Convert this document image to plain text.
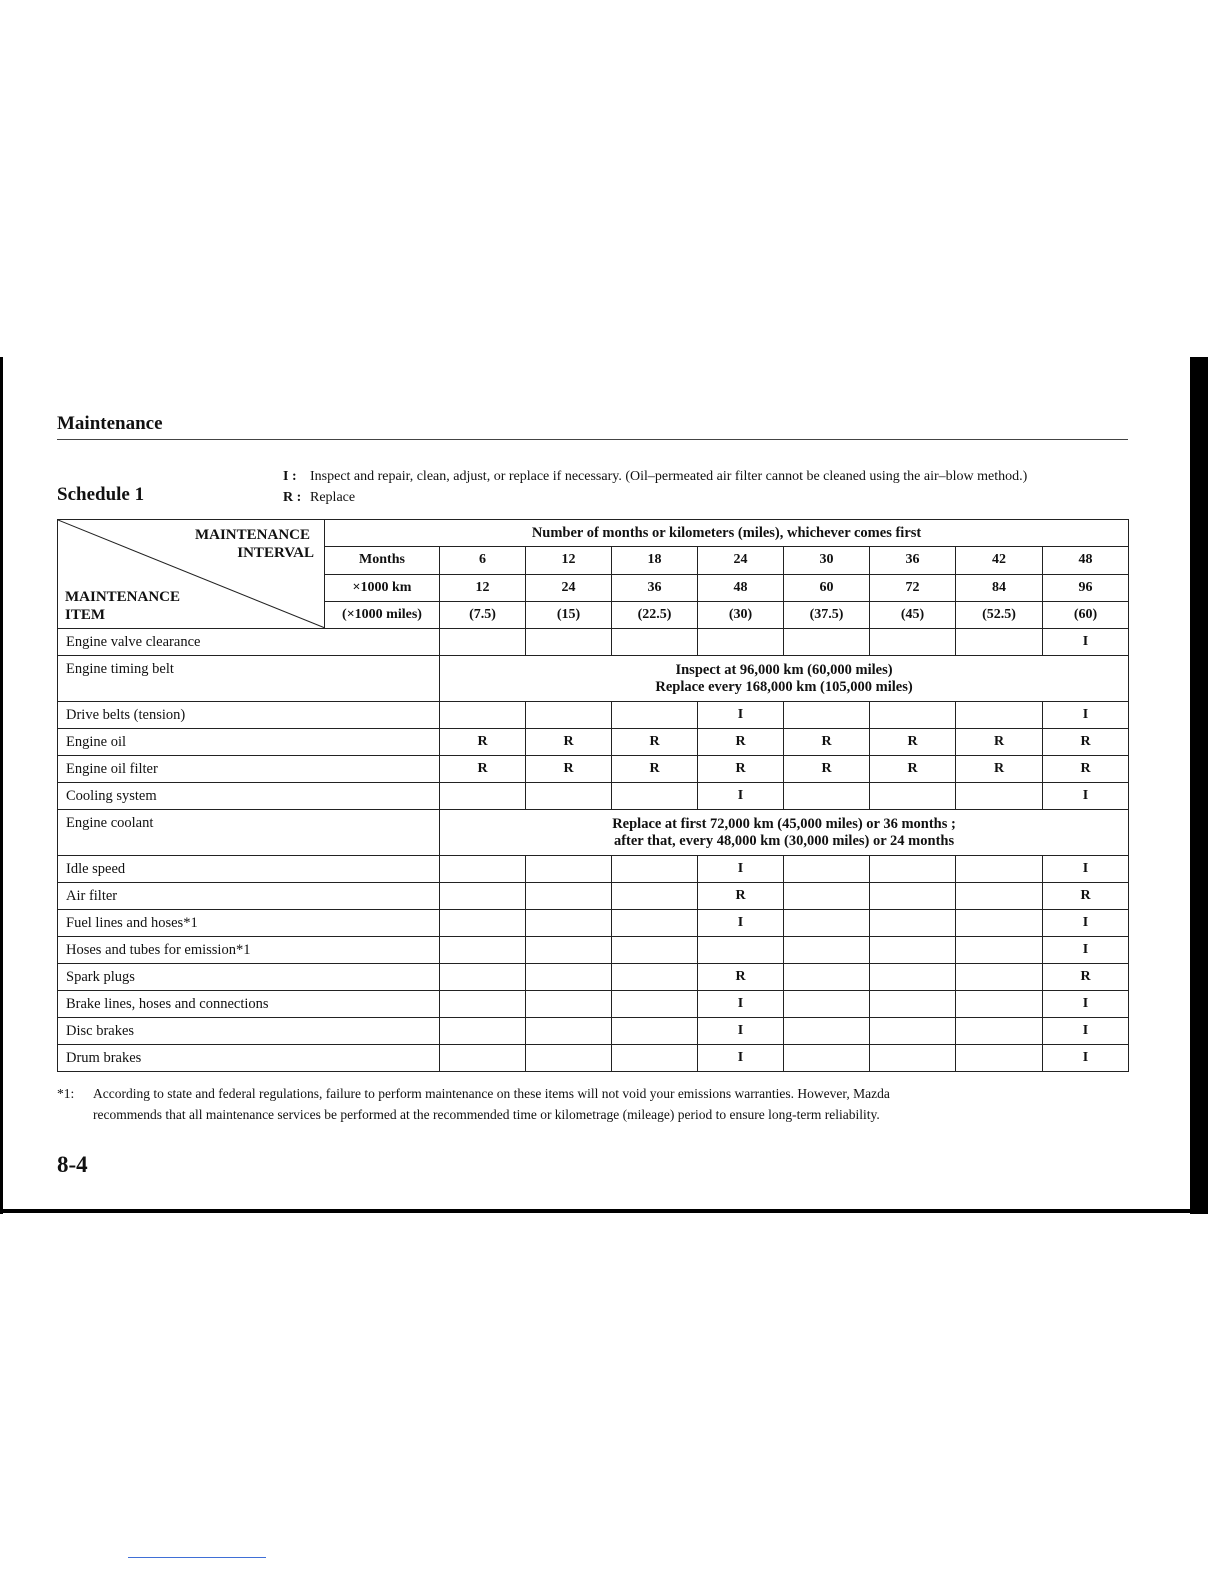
Maintenance
Schedule 1
I : Inspect and repair, clean, adjust, or replace if necessary. (Oil–permeated air filter cannot be cleaned using the air–blow method.)
R : Replace
MAINTENANCE
INTERVAL
MAINTENANCE
ITEM	Number of months or kilometers (miles), whichever comes first								
	Months	6	12	18	24	30	36	42	48
	×1000 km	12	24	36	48	60	72	84	96
	(×1000 miles)	(7.5)	(15)	(22.5)	(30)	(37.5)	(45)	(52.5)	(60)
Engine valve clearance									I
Engine timing belt		Inspect at 96,000 km (60,000 miles)
Replace every 168,000 km (105,000 miles)							

Drive belts (tension)					I				I
Engine oil		R	R	R	R	R	R	R	R
Engine oil filter		R	R	R	R	R	R	R	R
Cooling system					I				I
Engine coolant		Replace at first 72,000 km (45,000 miles) or 36 months ;
after that, every 48,000 km (30,000 miles) or 24 months							

Idle speed					I				I
Air filter					R				R
Fuel lines and hoses*1					I				I
Hoses and tubes for emission*1									I
Spark plugs					R				R
Brake lines, hoses and connections					I				I
Disc brakes					I				I
Drum brakes					I				I
*1: According to state and federal regulations, failure to perform maintenance on these items will not void your emissions warranties. However, Mazda
recommends that all maintenance services be performed at the recommended time or kilometrage (mileage) period to ensure long-term reliability.
8-4
